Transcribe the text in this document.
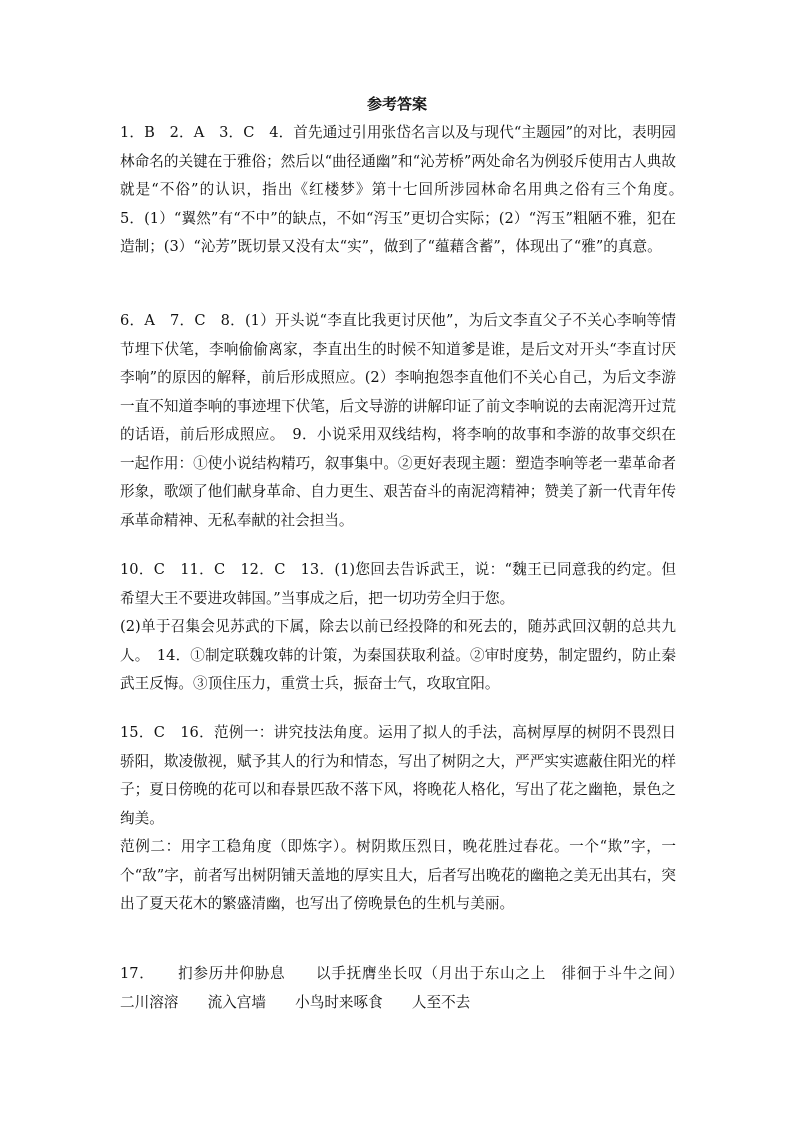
参考答案

1．B　2．A　3．C　4．首先通过引用张岱名言以及与现代“主题园”的对比，表明园林命名的关键在于雅俗；然后以“曲径通幽”和“沁芳桥”两处命名为例驳斥使用古人典故就是“不俗”的认识，指出《红楼梦》第十七回所涉园林命名用典之俗有三个角度。　5．(1）“翼然”有“不中”的缺点，不如“泻玉”更切合实际；(2）“泻玉”粗陋不雅，犯在造制；(3）“沁芳”既切景又没有太“实”，做到了“蕴藉含蓄”，体现出了“雅”的真意。

6．A　7．C　8．(1）开头说“李直比我更讨厌他”，为后文李直父子不关心李响等情节埋下伏笔，李响偷偷离家，李直出生的时候不知道爹是谁，是后文对开头“李直讨厌李响”的原因的解释，前后形成照应。(2）李响抱怨李直他们不关心自己，为后文李游一直不知道李响的事迹埋下伏笔，后文导游的讲解印证了前文李响说的去南泥湾开过荒的话语，前后形成照应。　9．小说采用双线结构，将李响的故事和李游的故事交织在一起作用：①使小说结构精巧，叙事集中。②更好表现主题：塑造李响等老一辈革命者形象，歌颂了他们献身革命、自力更生、艰苦奋斗的南泥湾精神；赞美了新一代青年传承革命精神、无私奉献的社会担当。

10．C　11．C　12．C　13．(1)您回去告诉武王，说：“魏王已同意我的约定。但希望大王不要进攻韩国。”当事成之后，把一切功劳全归于您。

(2)单于召集会见苏武的下属，除去以前已经投降的和死去的，随苏武回汉朝的总共九人。　14．①制定联魏攻韩的计策，为秦国获取利益。②审时度势，制定盟约，防止秦武王反悔。③顶住压力，重赏士兵，振奋士气，攻取宜阳。

15．C　16．范例一：讲究技法角度。运用了拟人的手法，高树厚厚的树阴不畏烈日骄阳，欺凌傲视，赋予其人的行为和情态，写出了树阴之大，严严实实遮蔽住阳光的样子；夏日傍晚的花可以和春景匹敌不落下风，将晚花人格化，写出了花之幽艳，景色之绚美。

范例二：用字工稳角度（即炼字）。树阴欺压烈日，晚花胜过春花。一个“欺”字，一个“敌”字，前者写出树阴铺天盖地的厚实且大，后者写出晚花的幽艳之美无出其右，突出了夏天花木的繁盛清幽，也写出了傍晚景色的生机与美丽。

17．　　扪参历井仰胁息　　以手抚膺坐长叹（月出于东山之上　徘徊于斗牛之间）　　二川溶溶　　流入宫墙　　小鸟时来啄食　　人至不去
